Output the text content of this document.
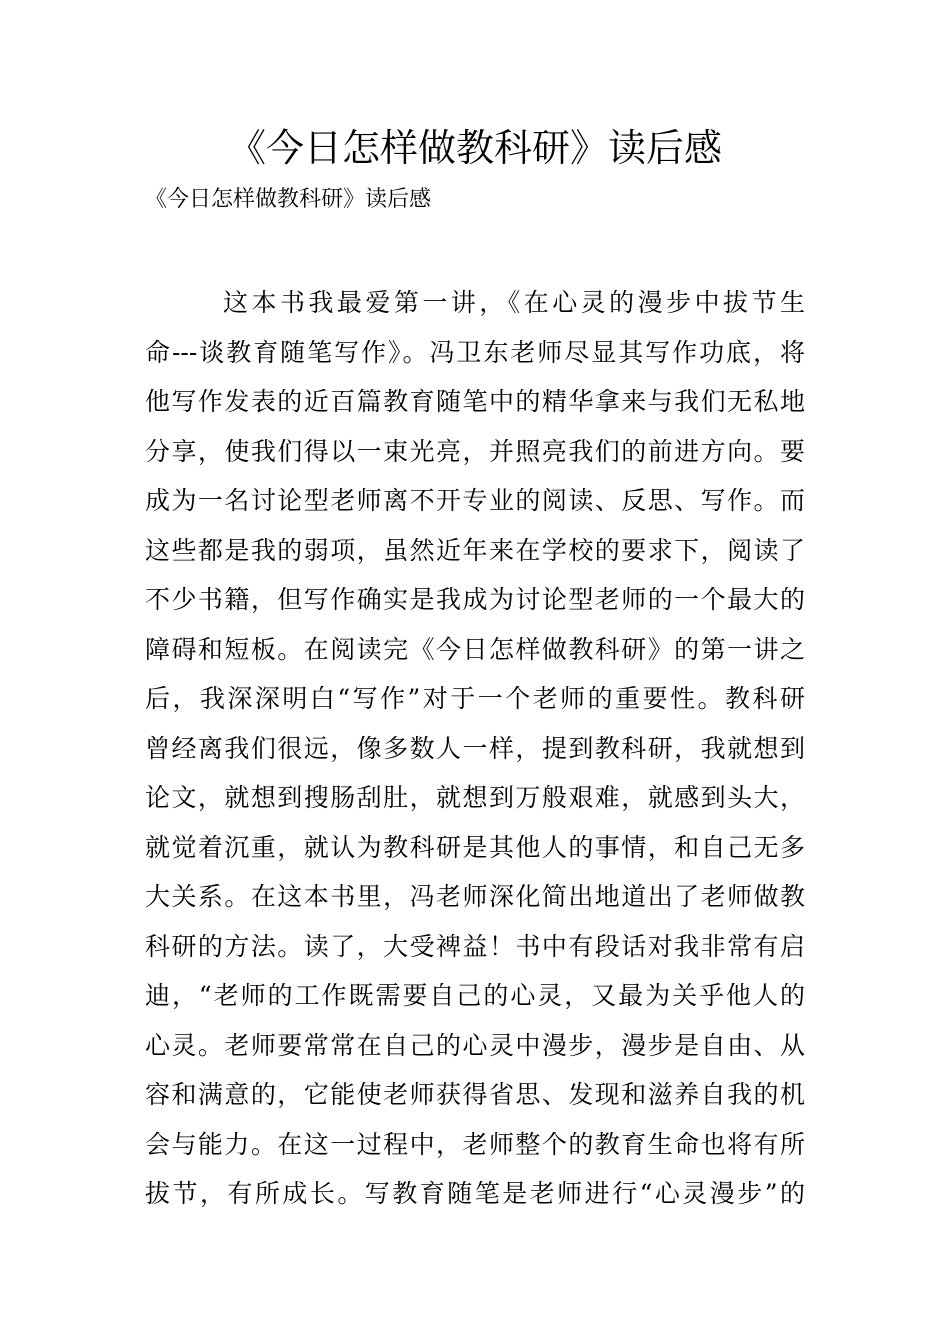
《今日怎样做教科研》读后感

《今日怎样做教科研》读后感

这本书我最爱第一讲，《在心灵的漫步中拔节生
命---谈教育随笔写作》。冯卫东老师尽显其写作功底，将
他写作发表的近百篇教育随笔中的精华拿来与我们无私地
分享，使我们得以一束光亮，并照亮我们的前进方向。要
成为一名讨论型老师离不开专业的阅读、反思、写作。而
这些都是我的弱项，虽然近年来在学校的要求下，阅读了
不少书籍，但写作确实是我成为讨论型老师的一个最大的
障碍和短板。在阅读完《今日怎样做教科研》的第一讲之
后，我深深明白“写作”对于一个老师的重要性。教科研
曾经离我们很远，像多数人一样，提到教科研，我就想到
论文，就想到搜肠刮肚，就想到万般艰难，就感到头大，
就觉着沉重，就认为教科研是其他人的事情，和自己无多
大关系。在这本书里，冯老师深化简出地道出了老师做教
科研的方法。读了，大受裨益！书中有段话对我非常有启
迪，“老师的工作既需要自己的心灵，又最为关乎他人的
心灵。老师要常常在自己的心灵中漫步，漫步是自由、从
容和满意的，它能使老师获得省思、发现和滋养自我的机
会与能力。在这一过程中，老师整个的教育生命也将有所
拔节，有所成长。写教育随笔是老师进行“心灵漫步”的
